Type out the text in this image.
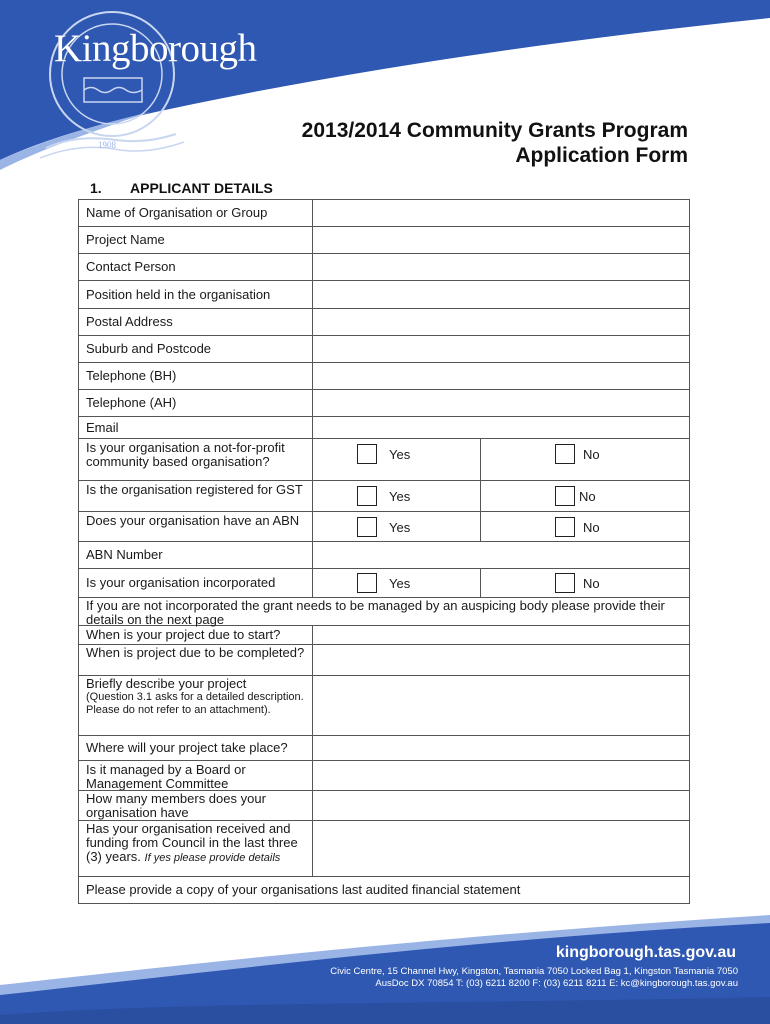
1908
Kingborough
2013/2014 Community Grants Program
Application Form
1. APPLICANT DETAILS
Name of Organisation or Group
Project Name
Contact Person
Position held in the organisation
Postal Address
Suburb and Postcode
Telephone (BH)
Telephone (AH)
Email
Is your organisation a not-for-profit community based organisation?	Yes	No
Is the organisation registered for GST	Yes	No
Does your organisation have an ABN	Yes	No
ABN Number
Is your organisation incorporated	Yes	No
If you are not incorporated the grant needs to be managed by an auspicing body please provide their details on the next page
When is your project due to start?
When is project due to be completed?
Briefly describe your project
(Question 3.1 asks for a detailed description. Please do not refer to an attachment).
Where will your project take place?
Is it managed by a Board or Management Committee
How many members does your organisation have
Has your organisation received and funding from Council in the last three (3) years. If yes please provide details
Please provide a copy of your organisations last audited financial statement
kingborough.tas.gov.au
Civic Centre, 15 Channel Hwy, Kingston, Tasmania 7050 Locked Bag 1, Kingston Tasmania 7050
AusDoc DX 70854 T: (03) 6211 8200 F: (03) 6211 8211 E: kc@kingborough.tas.gov.au
